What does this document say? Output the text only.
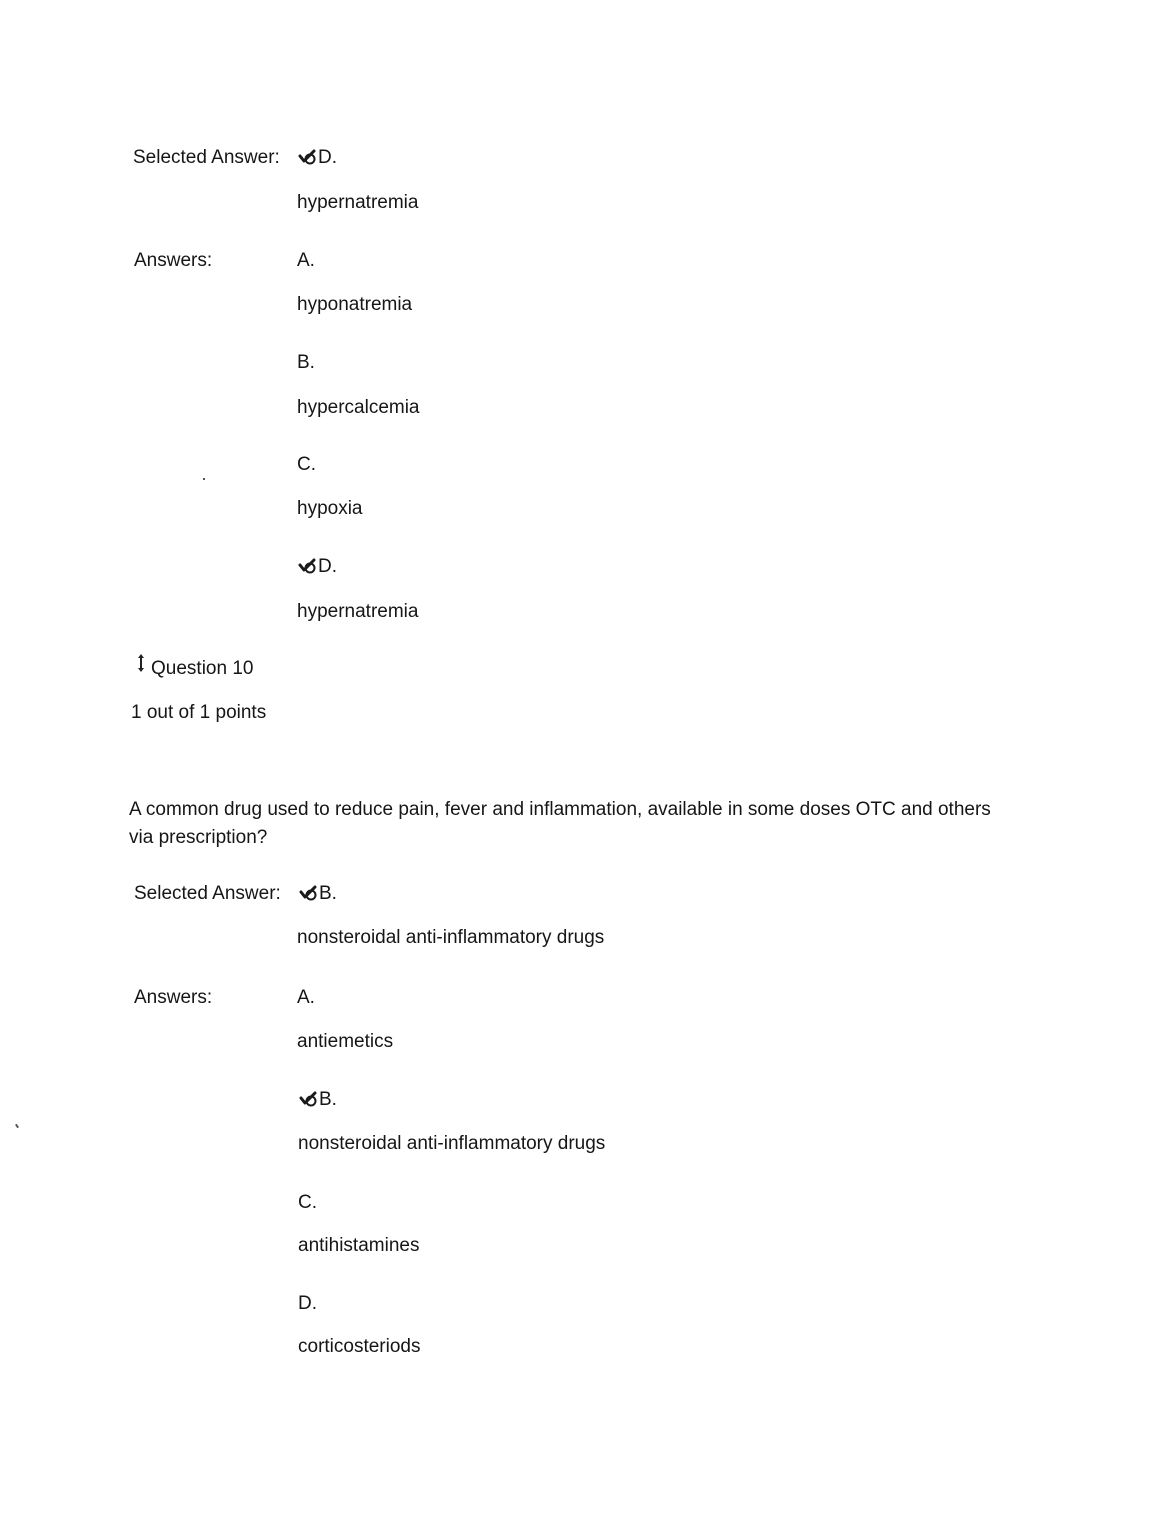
Selected Answer:	D.
hypernatremia
Answers:	A.
hyponatremia
B.
hypercalcemia
C.
hypoxia
D.
hypernatremia
Question 10
1 out of 1 points
A common drug used to reduce pain, fever and inflammation, available in some doses OTC and others via prescription?
Selected Answer:	B.
nonsteroidal anti-inflammatory drugs
Answers:	A.
antiemetics
B.
nonsteroidal anti-inflammatory drugs
C.
antihistamines
D.
corticosteriods
